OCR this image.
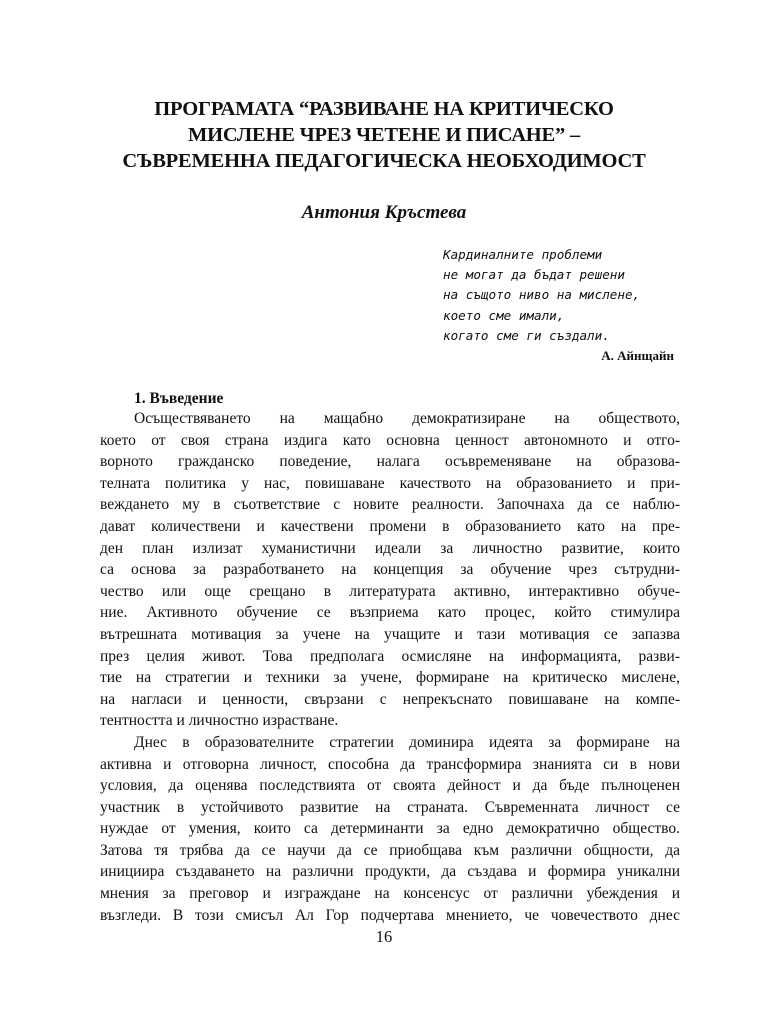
ПРОГРАМАТА “РАЗВИВАНЕ НА КРИТИЧЕСКО
МИСЛЕНЕ ЧРЕЗ ЧЕТЕНЕ И ПИСАНЕ” –
СЪВРЕМЕННА ПЕДАГОГИЧЕСКА НЕОБХОДИМОСТ
Антония Кръстева
Кардиналните проблеми
не могат да бъдат решени
на същото ниво на мислене,
което сме имали,
когато сме ги създали.
А. Айнщайн
1. Въведение
Осъществяването на мащабно демократизиране на обществото,
което от своя страна издига като основна ценност автономното и отго-
ворното гражданско поведение, налага осъвременяване на образова-
телната политика у нас, повишаване качеството на образованието и при-
веждането му в съответствие с новите реалности. Започнаха да се наблю-
дават количествени и качествени промени в образованието като на пре-
ден план излизат хуманистични идеали за личностно развитие, които
са основа за разработването на концепция за обучение чрез сътрудни-
чество или още срещано в литературата активно, интерактивно обуче-
ние. Активното обучение се възприема като процес, който стимулира
вътрешната мотивация за учене на учащите и тази мотивация се запазва
през целия живот. Това предполага осмисляне на информацията, разви-
тие на стратегии и техники за учене, формиране на критическо мислене,
на нагласи и ценности, свързани с непрекъснато повишаване на компе-
тентността и личностно израстване.
Днес в образователните стратегии доминира идеята за формиране на
активна и отговорна личност, способна да трансформира знанията си в нови
условия, да оценява последствията от своята дейност и да бъде пълноценен
участник в устойчивото развитие на страната. Съвременната личност се
нуждае от умения, които са детерминанти за едно демократично общество.
Затова тя трябва да се научи да се приобщава към различни общности, да
инициира създаването на различни продукти, да създава и формира уникални
мнения за преговор и изграждане на консенсус от различни убеждения и
възгледи. В този смисъл Ал Гор подчертава мнението, че човечеството днес
16
